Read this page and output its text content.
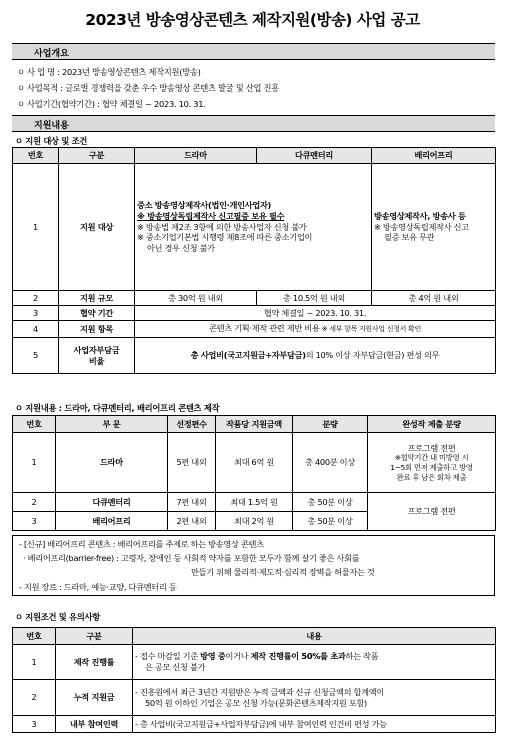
2023년 방송영상콘텐츠 제작지원(방송) 사업 공고
사업개요
ㅇ 사 업 명 : 2023년 방송영상콘텐츠 제작지원(방송)
ㅇ 사업목적 : 글로벌 경쟁력을 갖춘 우수 방송영상 콘텐츠 발굴 및 산업 진흥
ㅇ 사업기간(협약기간) : 협약 체결일 ~ 2023. 10. 31.
지원내용
ㅇ 지원 대상 및 조건
번호	구분	드라마	다큐멘터리	배리어프리
1	지원 대상	중소 방송영상제작사(법인·개인사업자)
※ 방송영상독립제작사 신고필증 보유 필수
※ 방송법 제2조 3항에 의한 방송사업자 신청 불가
※ 중소기업기본법 시행령 제8조에 따른 중소기업이
아닌 경우 신청 불가		방송영상제작사, 방송사 등
※ 방송영상독립제작사 신고
필증 보유 무관

2	지원 규모	총 30억 원 내외	총 10.5억 원 내외	총 4억 원 내외
3	협약 기간	협약 체결일 ~ 2023. 10. 31.		
4	지원 항목	콘텐츠 기획·제작 관련 제반 비용 ※ 세부 항목 지원사업 신청서 확인		
5	사업자부담금
비율	총 사업비(국고지원금+자부담금)의 10% 이상 자부담금(현금) 편성 의무		
ㅇ 지원내용 : 드라마, 다큐멘터리, 배리어프리 콘텐츠 제작
번호	부 문	선정편수	작품당 지원금액	분량	완성작 제출 분량
1	드라마	5편 내외	최대 6억 원	총 400분 이상	프로그램 전편
※협약기간 내 미방영 시
1~5회 먼저 제출하고 방영
완료 후 남은 회차 제출

2	다큐멘터리	7편 내외	최대 1.5억 원	총 50분 이상	프로그램 전편
3	배리어프리	2편 내외	최대 2억 원	총 50분 이상	
- [신규] 배리어프리 콘텐츠 : 배리어프리를 주제로 하는 방송영상 콘텐츠
· 배리어프리(barrier-free) : 고령자, 장애인 등 사회적 약자를 포함한 모두가 함께 살기 좋은 사회를
만들기 위해 물리적·제도적·심리적 장벽을 허물자는 것
- 지원 장르 : 드라마, 예능·교양, 다큐멘터리 등
ㅇ 지원조건 및 유의사항
번호	구분	내용
1	제작 진행률	- 접수 마감일 기준 방영 중이거나 제작 진행률이 50%를 초과하는 작품
은 공모 신청 불가

2	누적 지원금	- 진흥원에서 최근 3년간 지원받은 누적 금액과 신규 신청금액의 합계액이
50억 원 이하인 기업은 공모 신청 가능(문화콘텐츠제작지원 포함)

3	내부 참여인력	- 총 사업비(국고지원금+사업자부담금)에 내부 참여인력 인건비 편성 가능
